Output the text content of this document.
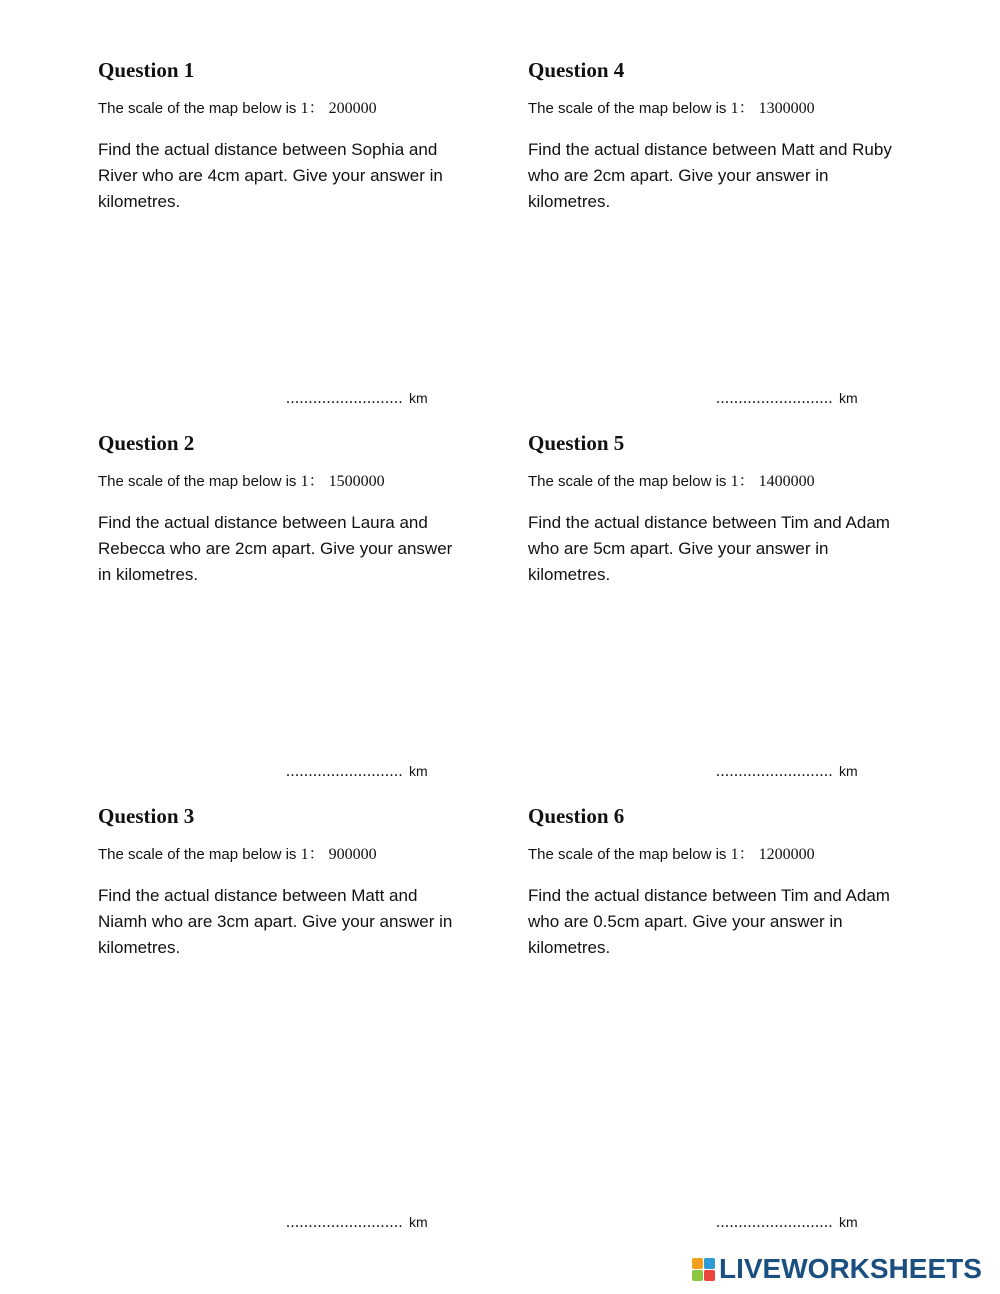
Question 1
The scale of the map below is 1： 200000
Find the actual distance between Sophia and River who are 4cm apart. Give your answer in kilometres.
.......................... km
Question 2
The scale of the map below is 1： 1500000
Find the actual distance between Laura and Rebecca who are 2cm apart. Give your answer in kilometres.
.......................... km
Question 3
The scale of the map below is 1： 900000
Find the actual distance between Matt and Niamh who are 3cm apart. Give your answer in kilometres.
.......................... km
Question 4
The scale of the map below is 1： 1300000
Find the actual distance between Matt and Ruby who are 2cm apart. Give your answer in kilometres.
.......................... km
Question 5
The scale of the map below is 1： 1400000
Find the actual distance between Tim and Adam who are 5cm apart. Give your answer in kilometres.
.......................... km
Question 6
The scale of the map below is 1： 1200000
Find the actual distance between Tim and Adam who are 0.5cm apart. Give your answer in kilometres.
.......................... km
LIVEWORKSHEETS
